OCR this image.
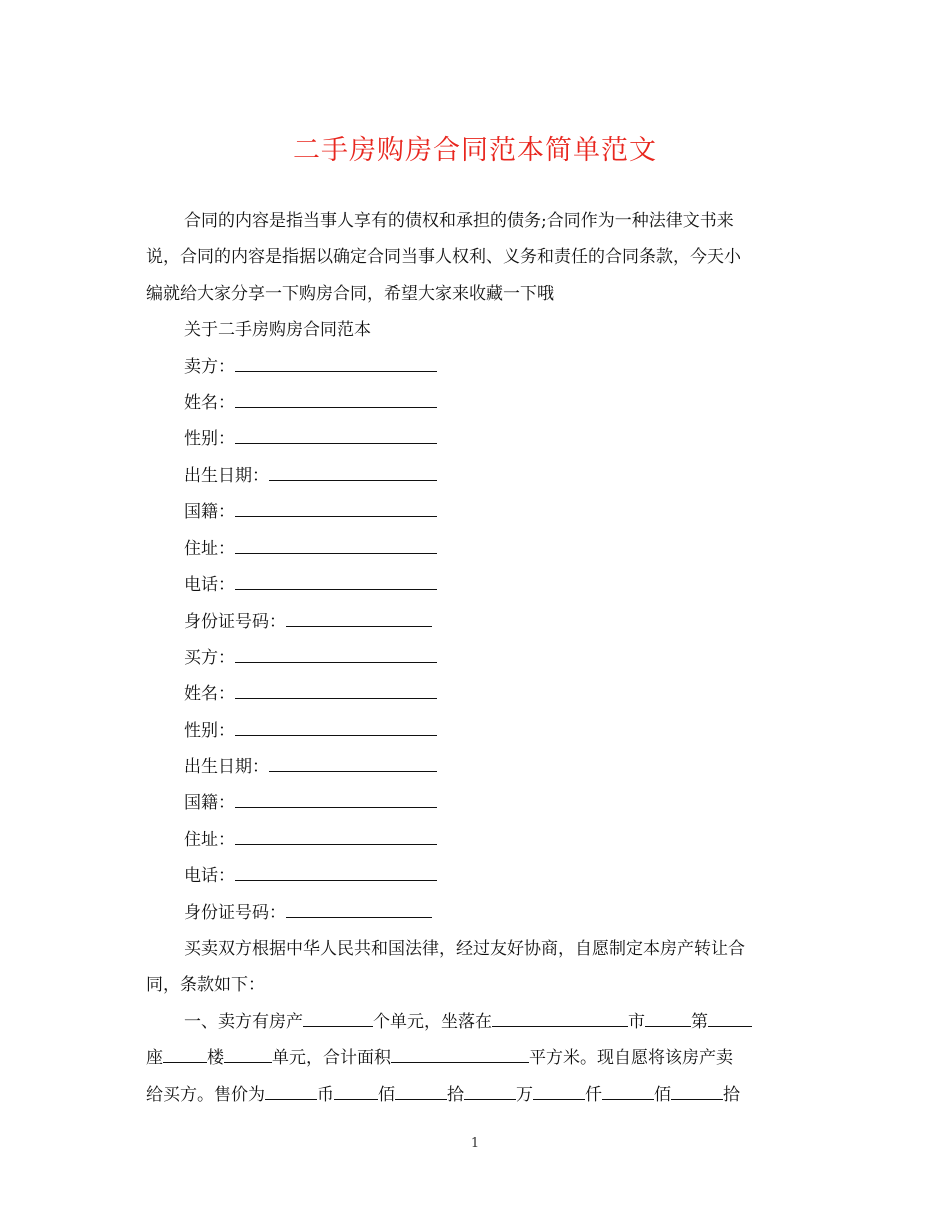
二手房购房合同范本简单范文
合同的内容是指当事人享有的债权和承担的债务;合同作为一种法律文书来
说，合同的内容是指据以确定合同当事人权利、义务和责任的合同条款，今天小
编就给大家分享一下购房合同，希望大家来收藏一下哦
关于二手房购房合同范本
卖方：
姓名：
性别：
出生日期：
国籍：
住址：
电话：
身份证号码：
买方：
姓名：
性别：
出生日期：
国籍：
住址：
电话：
身份证号码：
买卖双方根据中华人民共和国法律，经过友好协商，自愿制定本房产转让合
同，条款如下：
一、卖方有房产	个单元，坐落在	市	第
座	楼	单元，合计面积	平方米。现自愿将该房产卖
给买方。售价为	币	佰	拾	万	仟	佰	拾
1
